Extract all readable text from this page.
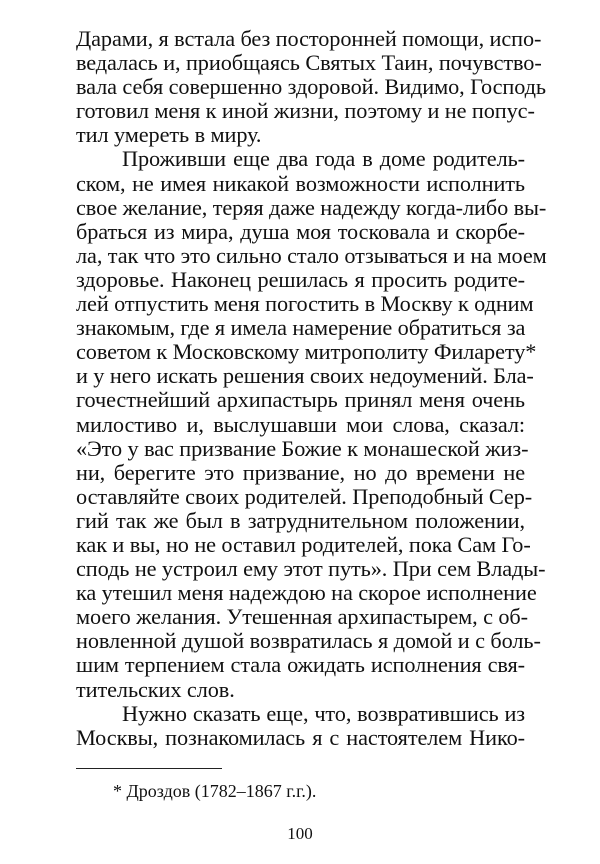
Дарами, я встала без посторонней помощи, испо-
ведалась и, приобщаясь Святых Таин, почувство-
вала себя совершенно здоровой. Видимо, Господь
готовил меня к иной жизни, поэтому и не попус-
тил умереть в миру.
Проживши еще два года в доме родитель-
ском, не имея никакой возможности исполнить
свое желание, теряя даже надежду когда-либо вы-
браться из мира, душа моя тосковала и скорбе-
ла, так что это сильно стало отзываться и на моем
здоровье. Наконец решилась я просить родите-
лей отпустить меня погостить в Москву к одним
знакомым, где я имела намерение обратиться за
советом к Московскому митрополиту Филарету*
и у него искать решения своих недоумений. Бла-
гочестнейший архипастырь принял меня очень
милостиво и, выслушавши мои слова, сказал:
«Это у вас призвание Божие к монашеской жиз-
ни, берегите это призвание, но до времени не
оставляйте своих родителей. Преподобный Сер-
гий так же был в затруднительном положении,
как и вы, но не оставил родителей, пока Сам Го-
сподь не устроил ему этот путь». При сем Влады-
ка утешил меня надеждою на скорое исполнение
моего желания. Утешенная архипастырем, с об-
новленной душой возвратилась я домой и с боль-
шим терпением стала ожидать исполнения свя-
тительских слов.
Нужно сказать еще, что, возвратившись из
Москвы, познакомилась я с настоятелем Нико-
* Дроздов (1782–1867 г.г.).
100
